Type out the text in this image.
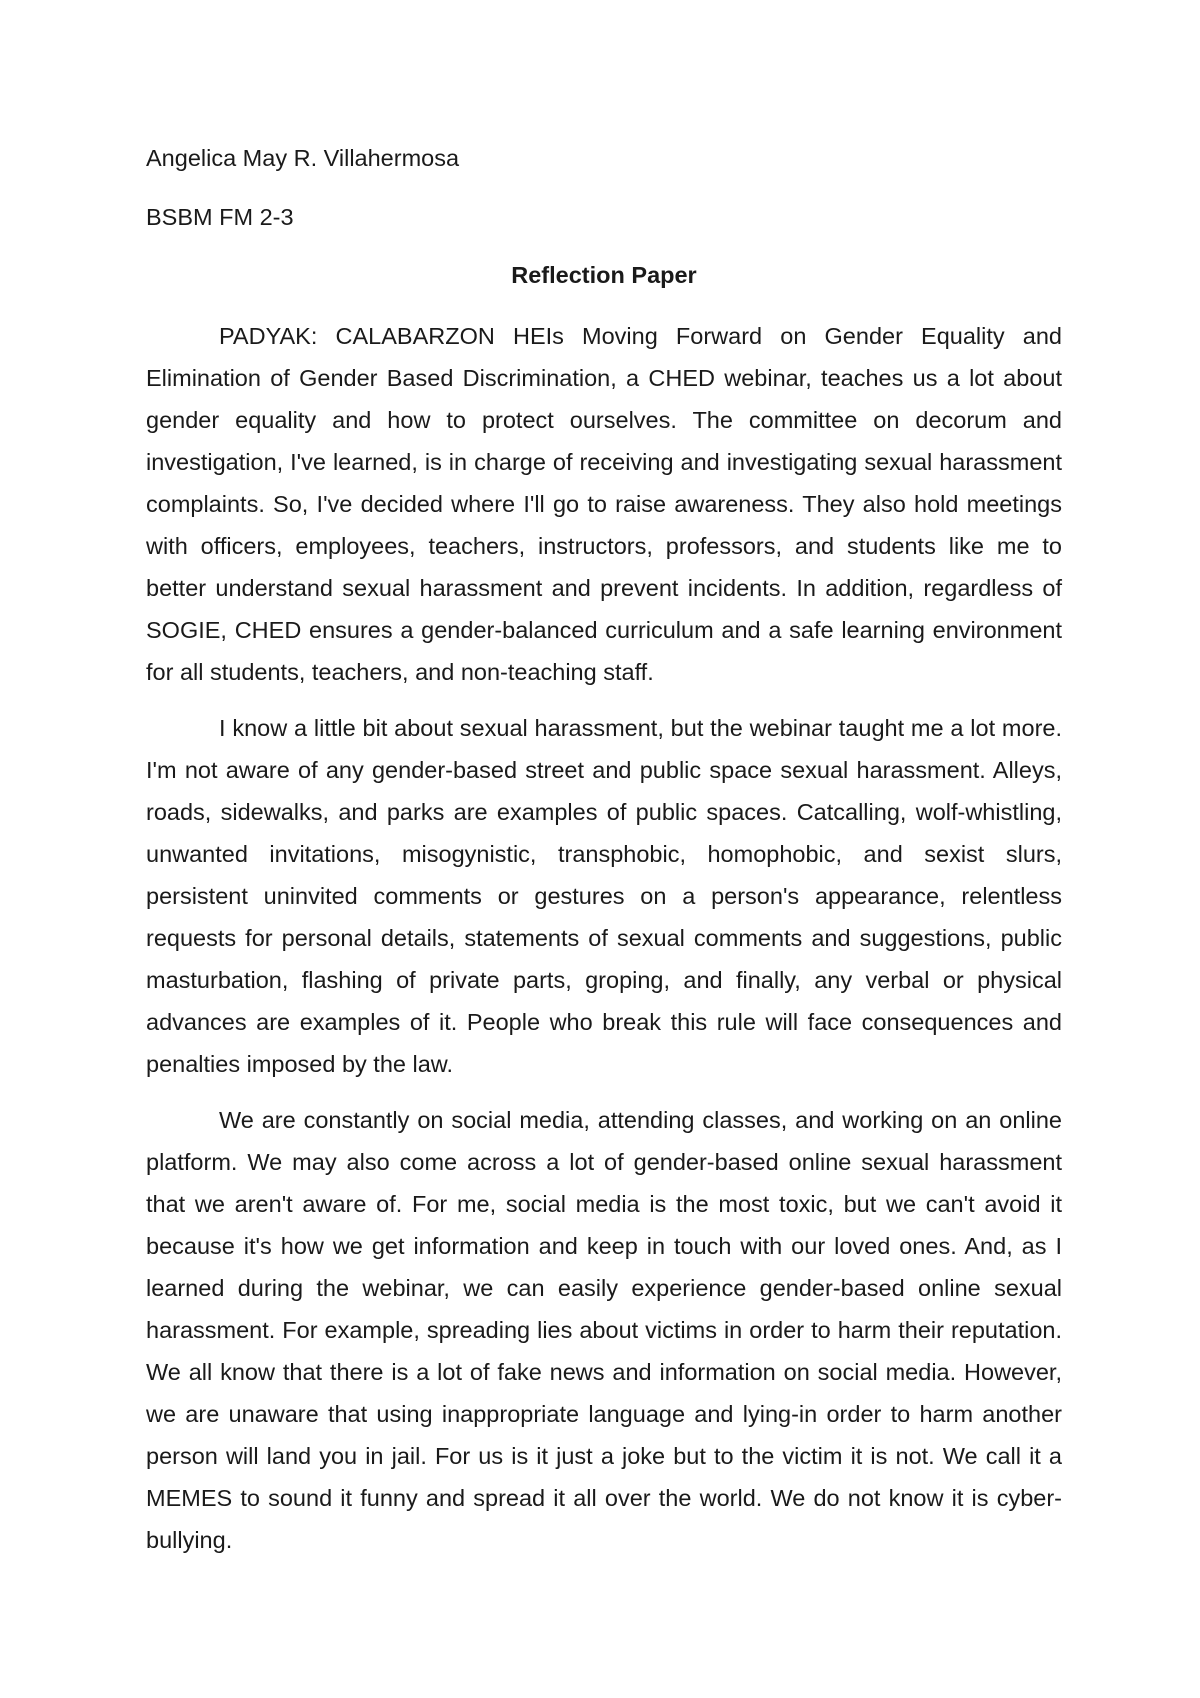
Angelica May R. Villahermosa

BSBM FM 2-3

Reflection Paper

PADYAK: CALABARZON HEIs Moving Forward on Gender Equality and Elimination of Gender Based Discrimination, a CHED webinar, teaches us a lot about gender equality and how to protect ourselves. The committee on decorum and investigation, I've learned, is in charge of receiving and investigating sexual harassment complaints. So, I've decided where I'll go to raise awareness. They also hold meetings with officers, employees, teachers, instructors, professors, and students like me to better understand sexual harassment and prevent incidents. In addition, regardless of SOGIE, CHED ensures a gender-balanced curriculum and a safe learning environment for all students, teachers, and non-teaching staff.

I know a little bit about sexual harassment, but the webinar taught me a lot more. I'm not aware of any gender-based street and public space sexual harassment. Alleys, roads, sidewalks, and parks are examples of public spaces. Catcalling, wolf-whistling, unwanted invitations, misogynistic, transphobic, homophobic, and sexist slurs, persistent uninvited comments or gestures on a person's appearance, relentless requests for personal details, statements of sexual comments and suggestions, public masturbation, flashing of private parts, groping, and finally, any verbal or physical advances are examples of it. People who break this rule will face consequences and penalties imposed by the law.

We are constantly on social media, attending classes, and working on an online platform. We may also come across a lot of gender-based online sexual harassment that we aren't aware of. For me, social media is the most toxic, but we can't avoid it because it's how we get information and keep in touch with our loved ones. And, as I learned during the webinar, we can easily experience gender-based online sexual harassment. For example, spreading lies about victims in order to harm their reputation. We all know that there is a lot of fake news and information on social media. However, we are unaware that using inappropriate language and lying-in order to harm another person will land you in jail. For us is it just a joke but to the victim it is not. We call it a MEMES to sound it funny and spread it all over the world. We do not know it is cyber-bullying.
